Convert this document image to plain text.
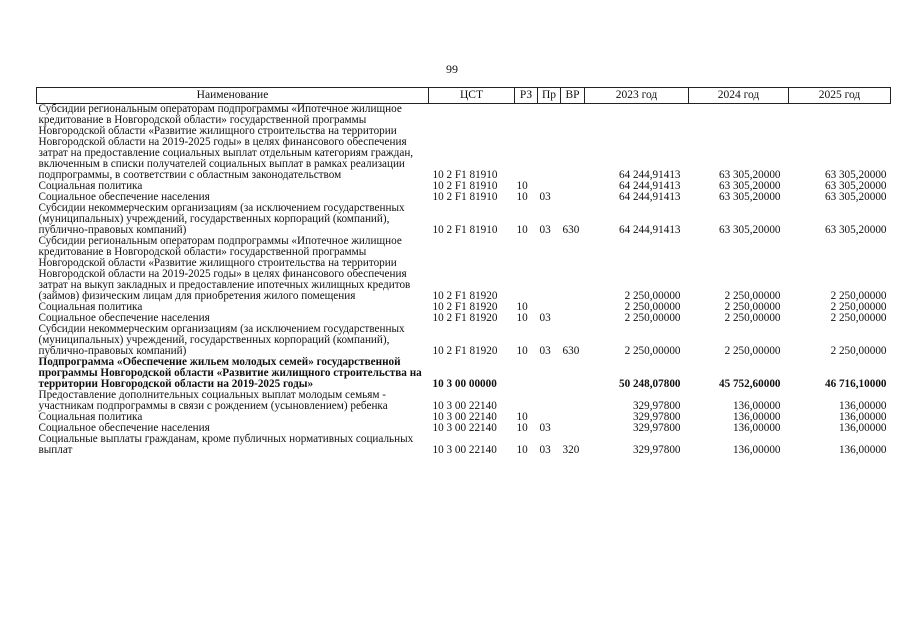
99
Наименование	ЦСТ	РЗ	Пр	ВР	2023 год	2024 год	2025 год
Субсидии региональным операторам подпрограммы «Ипотечное жилищное кредитование в Новгородской области» государственной программы Новгородской области «Развитие жилищного строительства на территории Новгородской области на 2019-2025 годы» в целях финансового обеспечения затрат на предоставление социальных выплат отдельным категориям граждан, включенным в списки получателей социальных выплат в рамках реализации подпрограммы, в соответствии с областным законодательством	10 2 F1 81910				64 244,91413	63 305,20000	63 305,20000
Социальная политика	10 2 F1 81910	10			64 244,91413	63 305,20000	63 305,20000
Социальное обеспечение населения	10 2 F1 81910	10	03		64 244,91413	63 305,20000	63 305,20000
Субсидии некоммерческим организациям (за исключением государственных (муниципальных) учреждений, государственных корпораций (компаний), публично-правовых компаний)	10 2 F1 81910	10	03	630	64 244,91413	63 305,20000	63 305,20000
Субсидии региональным операторам подпрограммы «Ипотечное жилищное кредитование в Новгородской области» государственной программы Новгородской области «Развитие жилищного строительства на территории Новгородской области на 2019-2025 годы» в целях финансового обеспечения затрат на выкуп закладных и предоставление ипотечных жилищных кредитов (займов) физическим лицам для приобретения жилого помещения	10 2 F1 81920				2 250,00000	2 250,00000	2 250,00000
Социальная политика	10 2 F1 81920	10			2 250,00000	2 250,00000	2 250,00000
Социальное обеспечение населения	10 2 F1 81920	10	03		2 250,00000	2 250,00000	2 250,00000
Субсидии некоммерческим организациям (за исключением государственных (муниципальных) учреждений, государственных корпораций (компаний), публично-правовых компаний)	10 2 F1 81920	10	03	630	2 250,00000	2 250,00000	2 250,00000
Подпрограмма «Обеспечение жильем молодых семей» государственной программы Новгородской области «Развитие жилищного строительства на территории Новгородской области на 2019-2025 годы»	10 3 00 00000				50 248,07800	45 752,60000	46 716,10000
Предоставление дополнительных социальных выплат молодым семьям - участникам подпрограммы в связи с рождением (усыновлением) ребенка	10 3 00 22140				329,97800	136,00000	136,00000
Социальная политика	10 3 00 22140	10			329,97800	136,00000	136,00000
Социальное обеспечение населения	10 3 00 22140	10	03		329,97800	136,00000	136,00000
Социальные выплаты гражданам, кроме публичных нормативных социальных выплат	10 3 00 22140	10	03	320	329,97800	136,00000	136,00000
